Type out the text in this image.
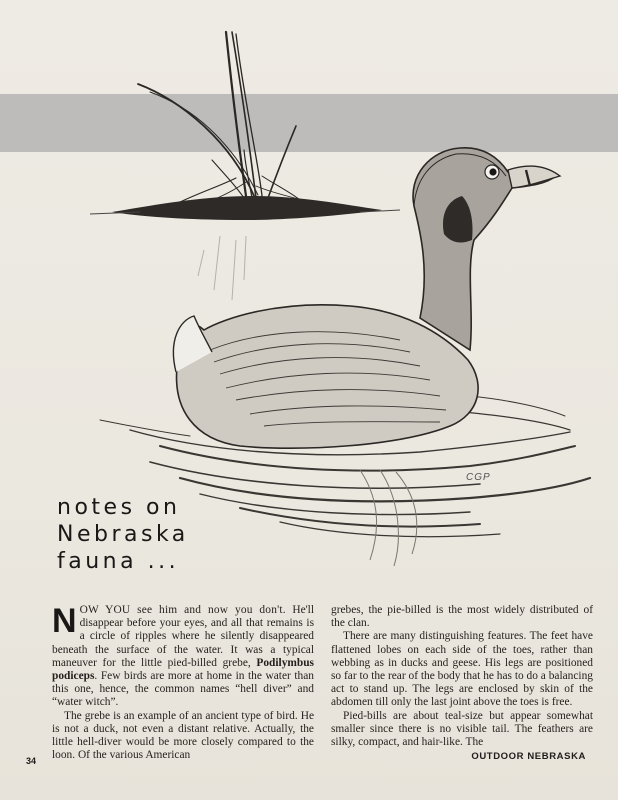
CGP
notes on
Nebraska
fauna ...

NOW YOU see him and now you don't. He'll disappear before your eyes, and all that remains is a circle of ripples where he silently disappeared beneath the surface of the water. It was a typical maneuver for the little pied-billed grebe, Podilymbus podiceps. Few birds are more at home in the water than this one, hence, the common names “hell diver” and “water witch”.

The grebe is an example of an ancient type of bird. He is not a duck, not even a distant relative. Actually, the little hell-diver would be more closely compared to the loon. Of the various American

grebes, the pie-billed is the most widely distributed of the clan.

There are many distinguishing features. The feet have flattened lobes on each side of the toes, rather than webbing as in ducks and geese. His legs are positioned so far to the rear of the body that he has to do a balancing act to stand up. The legs are enclosed by skin of the abdomen till only the last joint above the toes is free.

Pied-bills are about teal-size but appear somewhat smaller since there is no visible tail. The feathers are silky, compact, and hair-like. The

34	OUTDOOR NEBRASKA
